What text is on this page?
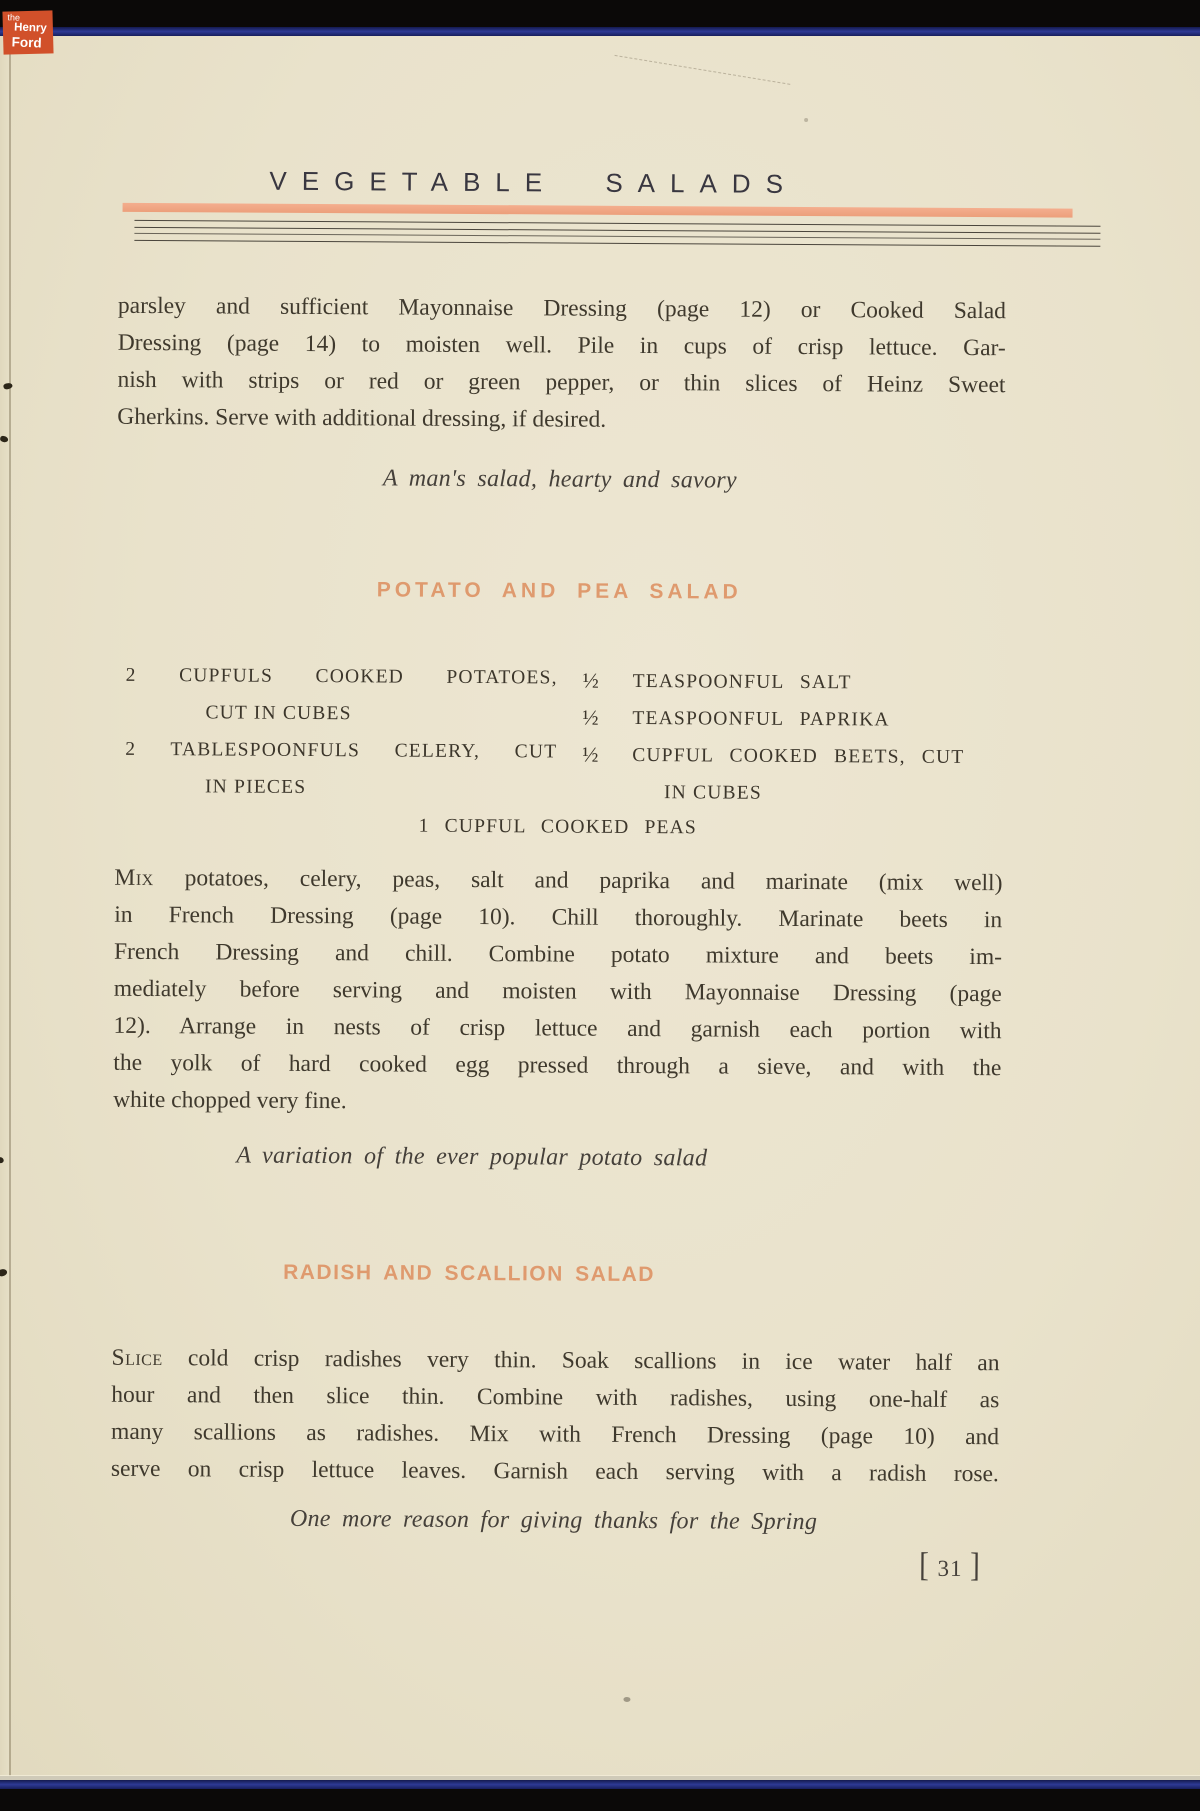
VEGETABLE SALADS
parsley and sufficient Mayonnaise Dressing (page 12) or Cooked Salad
Dressing (page 14) to moisten well. Pile in cups of crisp lettuce. Gar-
nish with strips or red or green pepper, or thin slices of Heinz Sweet
Gherkins. Serve with additional dressing, if desired.
A man's salad, hearty and savory
POTATO AND PEA SALAD
2 CUPFULS COOKED POTATOES,
CUT IN CUBES
2 TABLESPOONFULS CELERY, CUT
IN PIECES
½	TEASPOONFUL SALT
½	TEASPOONFUL PAPRIKA
½	CUPFUL COOKED BEETS, CUT
IN CUBES
1 CUPFUL COOKED PEAS
Mix potatoes, celery, peas, salt and paprika and marinate (mix well)
in French Dressing (page 10). Chill thoroughly. Marinate beets in
French Dressing and chill. Combine potato mixture and beets im-
mediately before serving and moisten with Mayonnaise Dressing (page
12). Arrange in nests of crisp lettuce and garnish each portion with
the yolk of hard cooked egg pressed through a sieve, and with the
white chopped very fine.
A variation of the ever popular potato salad
RADISH AND SCALLION SALAD
Slice cold crisp radishes very thin. Soak scallions in ice water half an
hour and then slice thin. Combine with radishes, using one-half as
many scallions as radishes. Mix with French Dressing (page 10) and
serve on crisp lettuce leaves. Garnish each serving with a radish rose.
One more reason for giving thanks for the Spring
[ 31 ]
the
Henry
Ford
